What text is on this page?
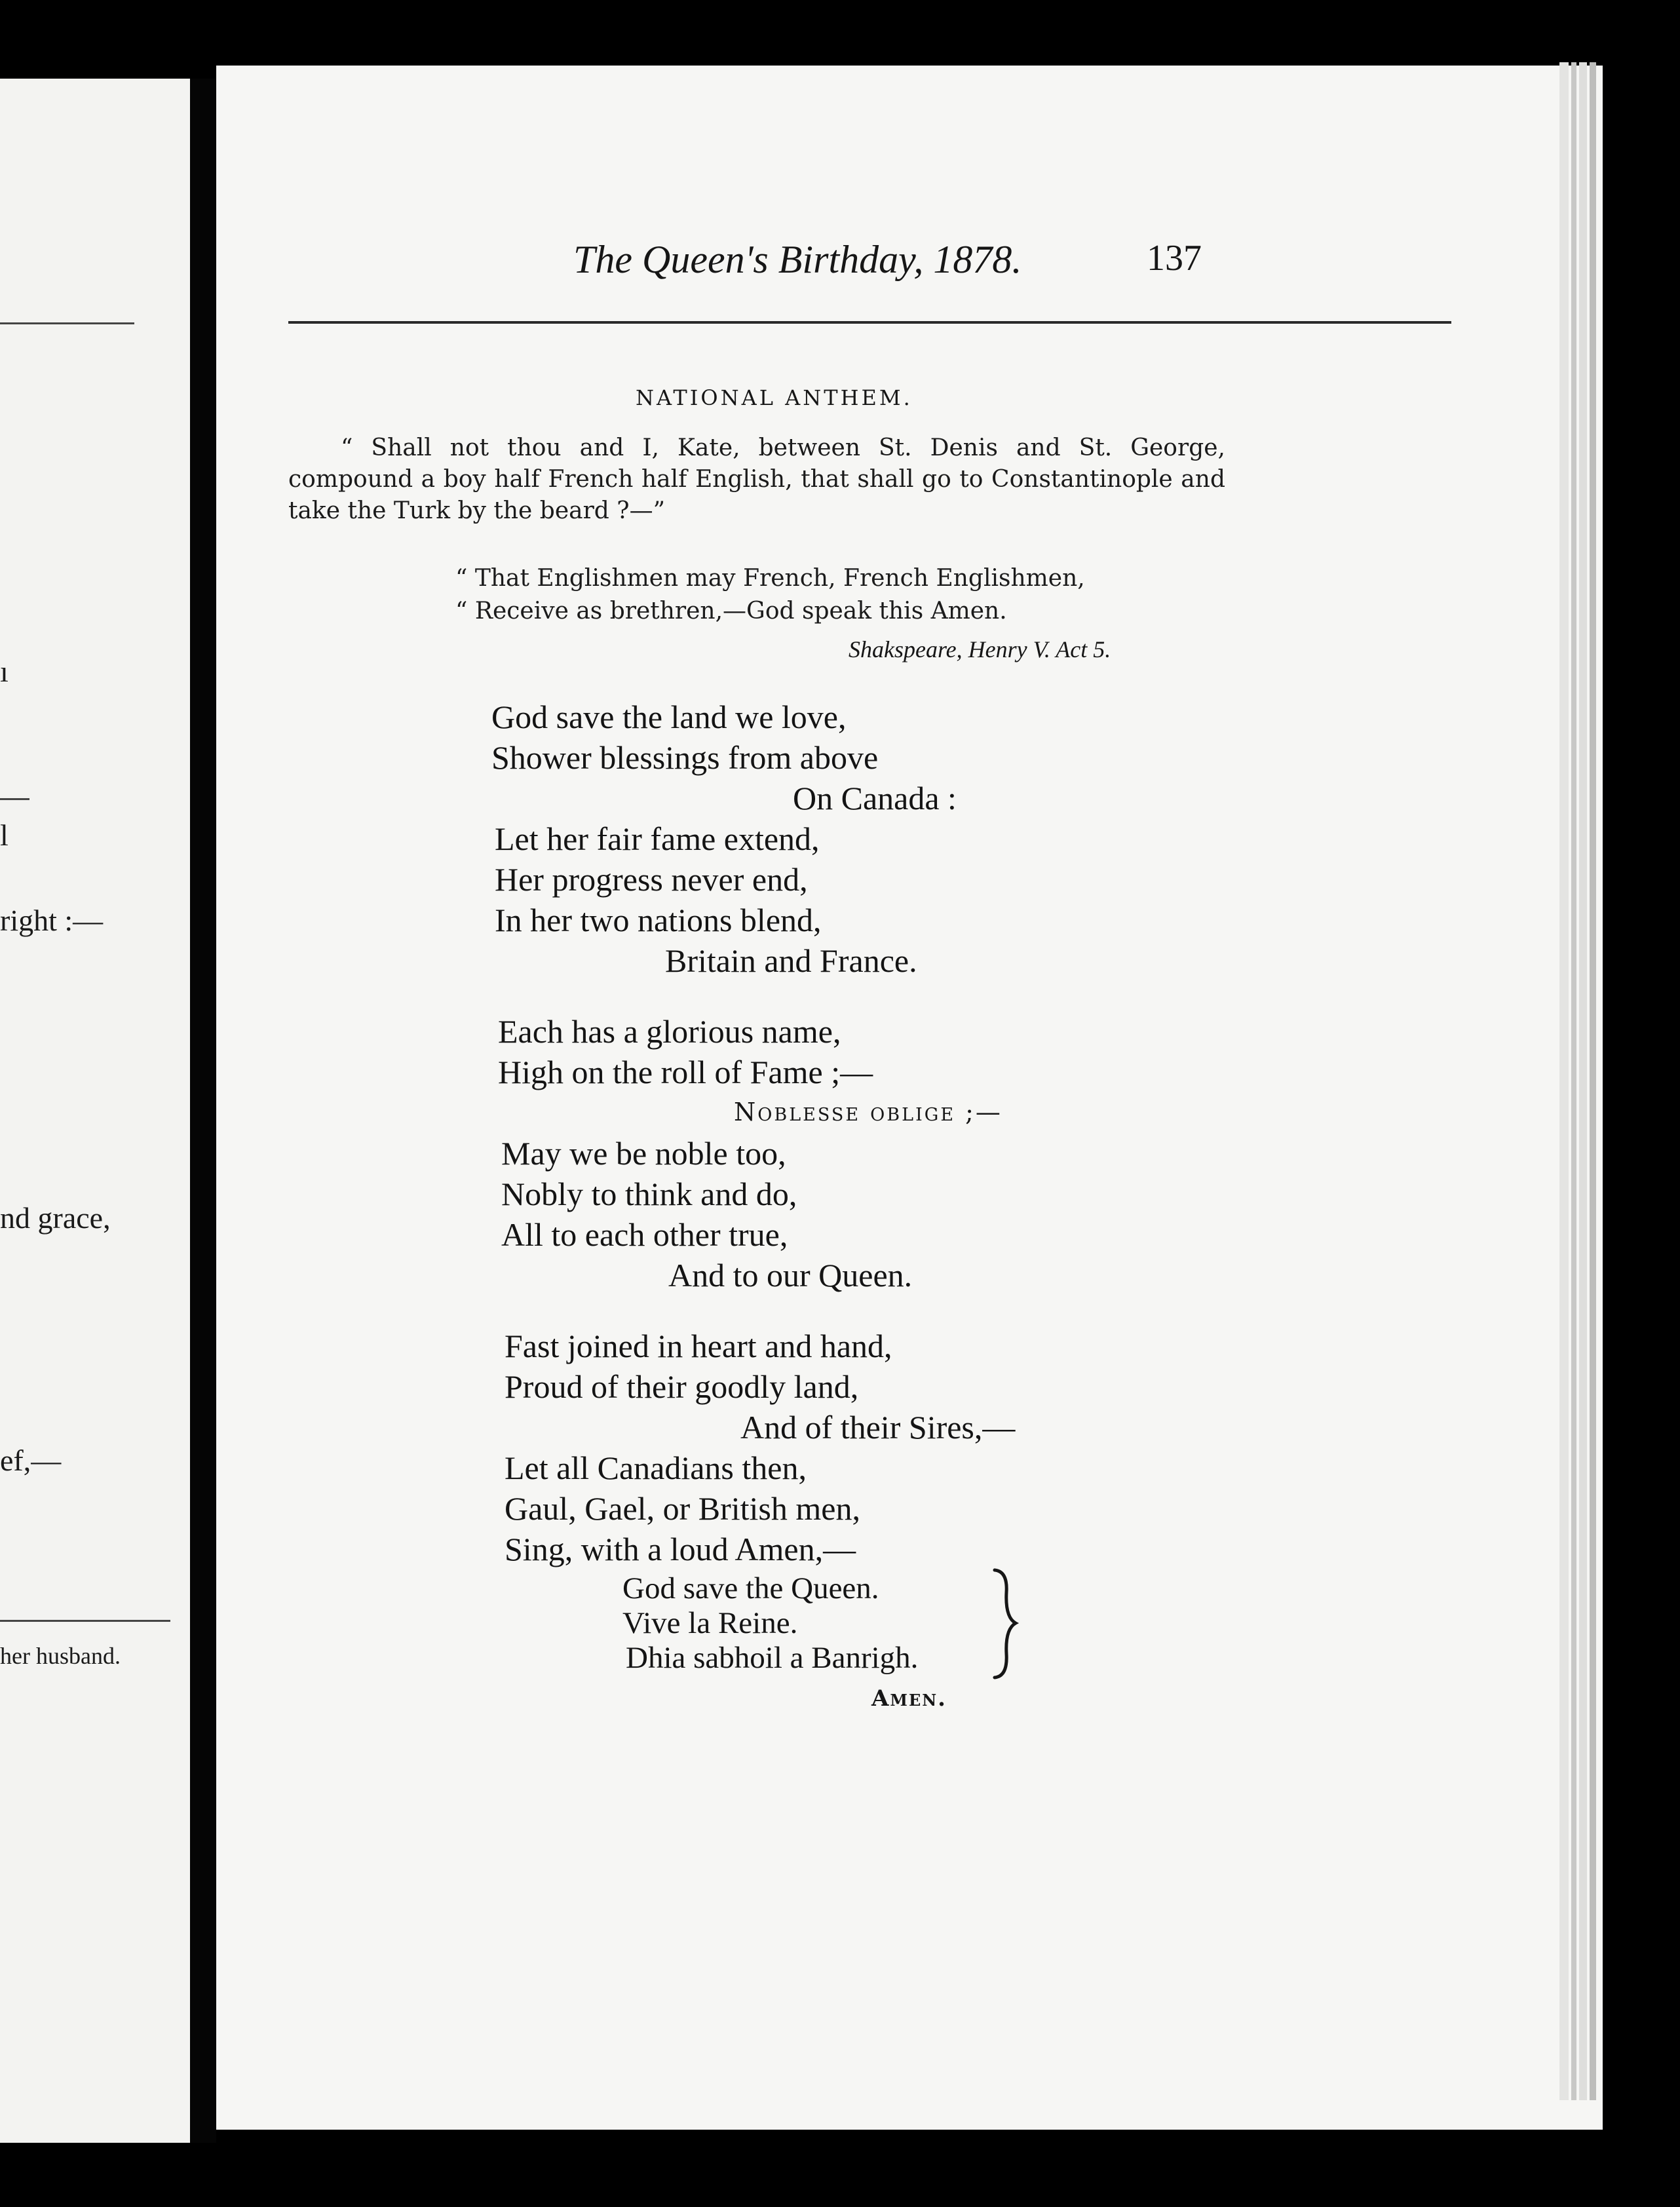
ı
l
right :—
nd grace,
ef,—
her husband.
The Queen's Birthday, 1878.	137
NATIONAL ANTHEM.
“ Shall not thou and I, Kate, between St. Denis and St. George, compound a boy half French half English, that shall go to Constantinople and take the Turk by the beard ?—”
“ That Englishmen may French, French Englishmen,
“ Receive as brethren,—God speak this Amen.
Shakspeare, Henry V. Act 5.
God save the land we love,
Shower blessings from above
On Canada :
Let her fair fame extend,
Her progress never end,
In her two nations blend,
Britain and France.
Each has a glorious name,
High on the roll of Fame ;—
Noblesse oblige ;—
May we be noble too,
Nobly to think and do,
All to each other true,
And to our Queen.
Fast joined in heart and hand,
Proud of their goodly land,
And of their Sires,—
Let all Canadians then,
Gaul, Gael, or British men,
Sing, with a loud Amen,—
God save the Queen.
Vive la Reine.
Dhia sabhoil a Banrigh.
Amen.
